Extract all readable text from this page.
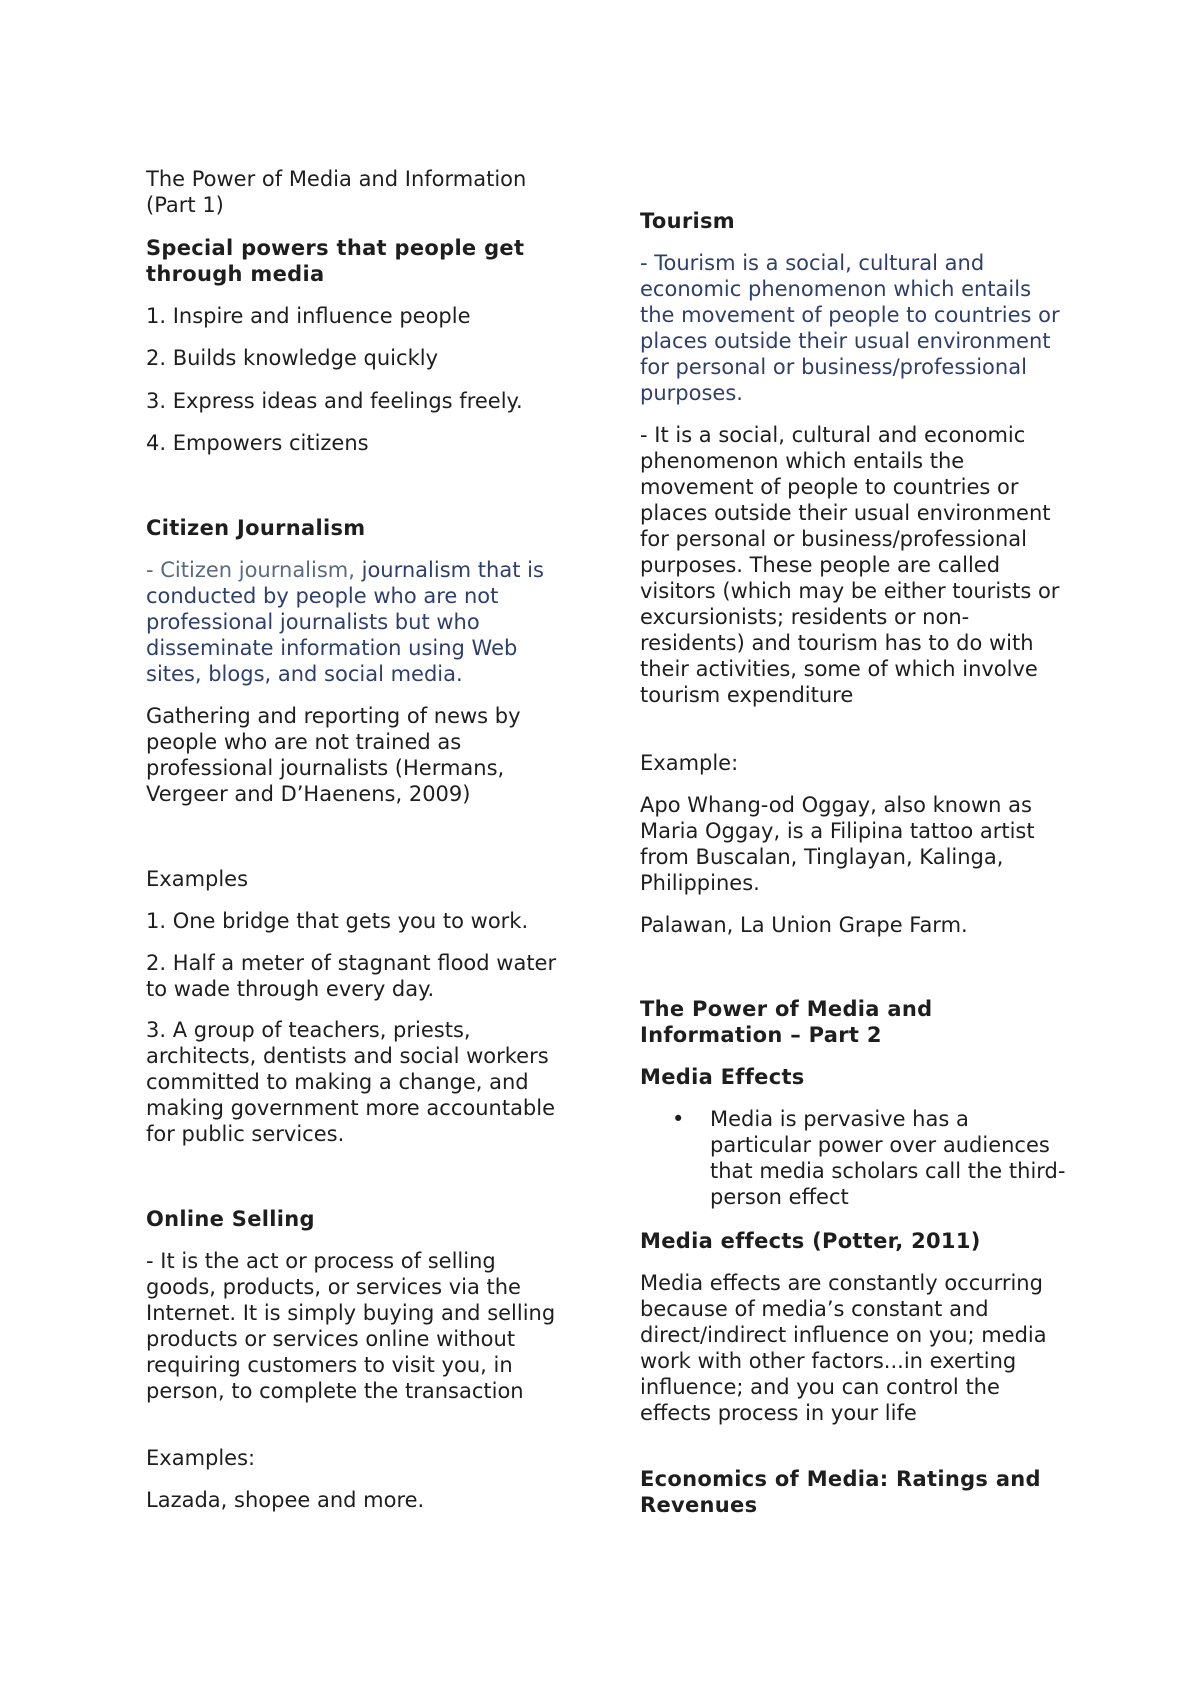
The Power of Media and Information (Part 1)

Special powers that people get through media

1. Inspire and influence people

2. Builds knowledge quickly

3. Express ideas and feelings freely.

4. Empowers citizens

Citizen Journalism

- Citizen journalism, journalism that is conducted by people who are not professional journalists but who disseminate information using Web sites, blogs, and social media.

Gathering and reporting of news by people who are not trained as professional journalists (Hermans, Vergeer and D’Haenens, 2009)

Examples

1. One bridge that gets you to work.

2. Half a meter of stagnant flood water to wade through every day.

3. A group of teachers, priests, architects, dentists and social workers committed to making a change, and making government more accountable for public services.

Online Selling

- It is the act or process of selling goods, products, or services via the Internet. It is simply buying and selling products or services online without requiring customers to visit you, in person, to complete the transaction

Examples:

Lazada, shopee and more.

Tourism

- Tourism is a social, cultural and economic phenomenon which entails the movement of people to countries or places outside their usual environment for personal or business/professional purposes.

- It is a social, cultural and economic phenomenon which entails the movement of people to countries or places outside their usual environment for personal or business/professional purposes. These people are called visitors (which may be either tourists or excursionists; residents or non-residents) and tourism has to do with their activities, some of which involve tourism expenditure

Example:

Apo Whang-od Oggay, also known as Maria Oggay, is a Filipina tattoo artist from Buscalan, Tinglayan, Kalinga, Philippines.

Palawan, La Union Grape Farm.

The Power of Media and Information – Part 2
Media Effects
•	Media is pervasive has a particular power over audiences that media scholars call the third-person effect
Media effects (Potter, 2011)

Media effects are constantly occurring because of media’s constant and direct/indirect influence on you; media work with other factors...in exerting influence; and you can control the effects process in your life

Economics of Media: Ratings and Revenues
